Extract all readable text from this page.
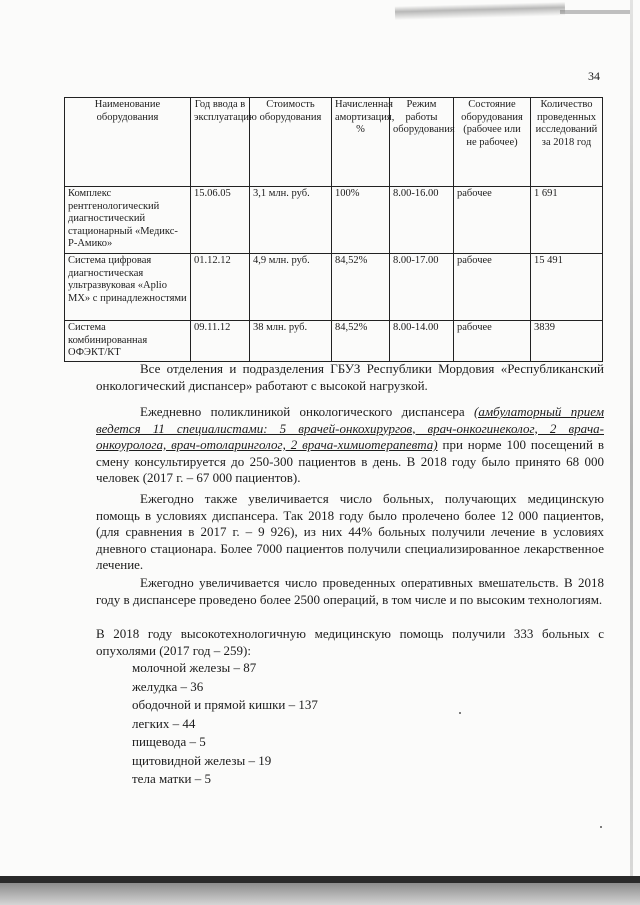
34
Наименование оборудования	Год ввода в эксплуатацию	Стоимость оборудования	Начисленная амортизация, %	Режим работы оборудования	Состояние оборудования (рабочее или не рабочее)	Количество проведенных исследований за 2018 год
Комплекс рентгенологический диагностический стационарный «Медикс-Р-Амико»	15.06.05	3,1 млн. руб.	100%	8.00-16.00	рабочее	1 691
Система цифровая диагностическая ультразвуковая «Aplio MX» с принадлежностями	01.12.12	4,9 млн. руб.	84,52%	8.00-17.00	рабочее	15 491
Система комбинированная ОФЭКТ/КТ	09.11.12	38 млн. руб.	84,52%	8.00-14.00	рабочее	3839

Все отделения и подразделения ГБУЗ Республики Мордовия «Республиканский онкологический диспансер» работают с высокой нагрузкой.

Ежедневно поликлиникой онкологического диспансера (амбулаторный прием ведется 11 специалистами: 5 врачей-онкохирургов, врач-онкогинеколог, 2 врача-онкоуролога, врач-отоларинголог, 2 врача-химиотерапевта) при норме 100 посещений в смену консультируется до 250-300 пациентов в день. В 2018 году было принято 68 000 человек (2017 г. – 67 000 пациентов).

Ежегодно также увеличивается число больных, получающих медицинскую помощь в условиях диспансера. Так 2018 году было пролечено более 12 000 пациентов, (для сравнения в 2017 г. – 9 926), из них 44% больных получили лечение в условиях дневного стационара. Более 7000 пациентов получили специализированное лекарственное лечение.

Ежегодно увеличивается число проведенных оперативных вмешательств. В 2018 году в диспансере проведено более 2500 операций, в том числе и по высоким технологиям.

В 2018 году высокотехнологичную медицинскую помощь получили 333 больных с опухолями (2017 год – 259):

молочной железы – 87
желудка – 36
ободочной и прямой кишки – 137
легких – 44
пищевода – 5
щитовидной железы – 19
тела матки – 5
